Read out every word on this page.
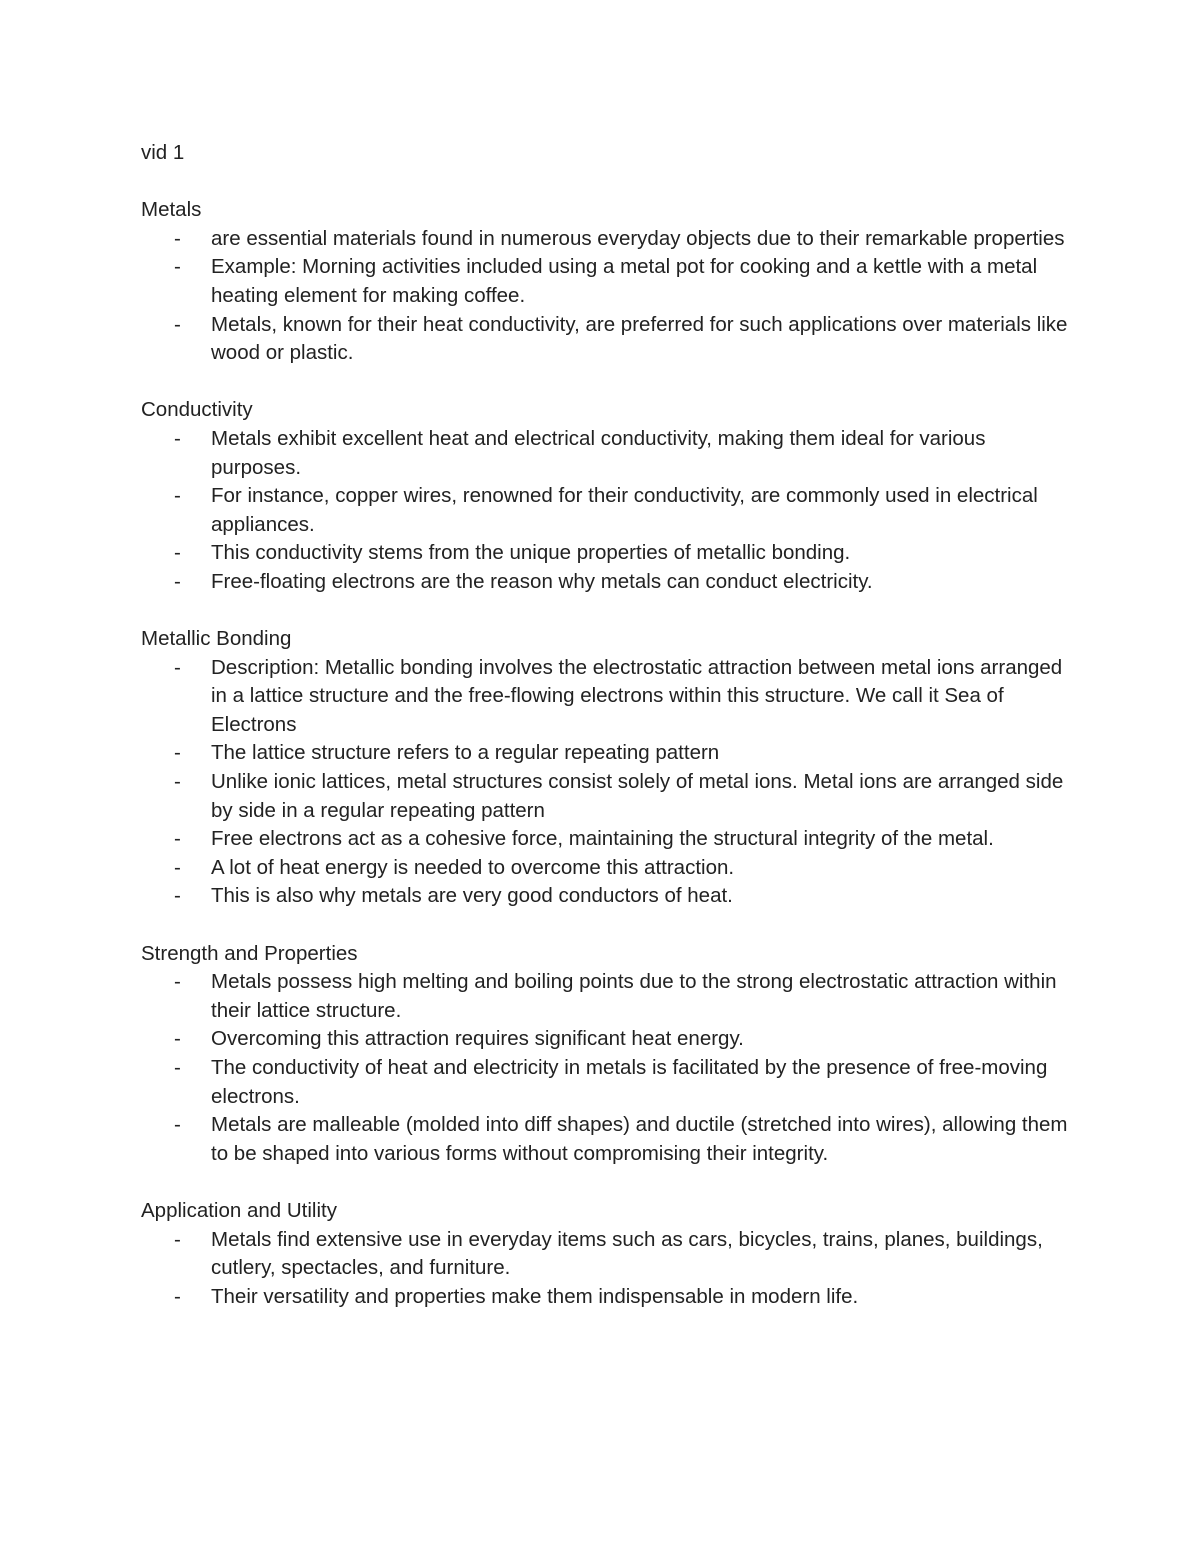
vid 1
Metals
- are essential materials found in numerous everyday objects due to their remarkable properties
- Example: Morning activities included using a metal pot for cooking and a kettle with a metal heating element for making coffee.
- Metals, known for their heat conductivity, are preferred for such applications over materials like wood or plastic.
Conductivity
- Metals exhibit excellent heat and electrical conductivity, making them ideal for various purposes.
- For instance, copper wires, renowned for their conductivity, are commonly used in electrical appliances.
- This conductivity stems from the unique properties of metallic bonding.
- Free-floating electrons are the reason why metals can conduct electricity.
Metallic Bonding
- Description: Metallic bonding involves the electrostatic attraction between metal ions arranged in a lattice structure and the free-flowing electrons within this structure. We call it Sea of Electrons
- The lattice structure refers to a regular repeating pattern
- Unlike ionic lattices, metal structures consist solely of metal ions. Metal ions are arranged side by side in a regular repeating pattern
- Free electrons act as a cohesive force, maintaining the structural integrity of the metal.
- A lot of heat energy is needed to overcome this attraction.
- This is also why metals are very good conductors of heat.
Strength and Properties
- Metals possess high melting and boiling points due to the strong electrostatic attraction within their lattice structure.
- Overcoming this attraction requires significant heat energy.
- The conductivity of heat and electricity in metals is facilitated by the presence of free-moving electrons.
- Metals are malleable (molded into diff shapes) and ductile (stretched into wires), allowing them to be shaped into various forms without compromising their integrity.
Application and Utility
- Metals find extensive use in everyday items such as cars, bicycles, trains, planes, buildings, cutlery, spectacles, and furniture.
- Their versatility and properties make them indispensable in modern life.
